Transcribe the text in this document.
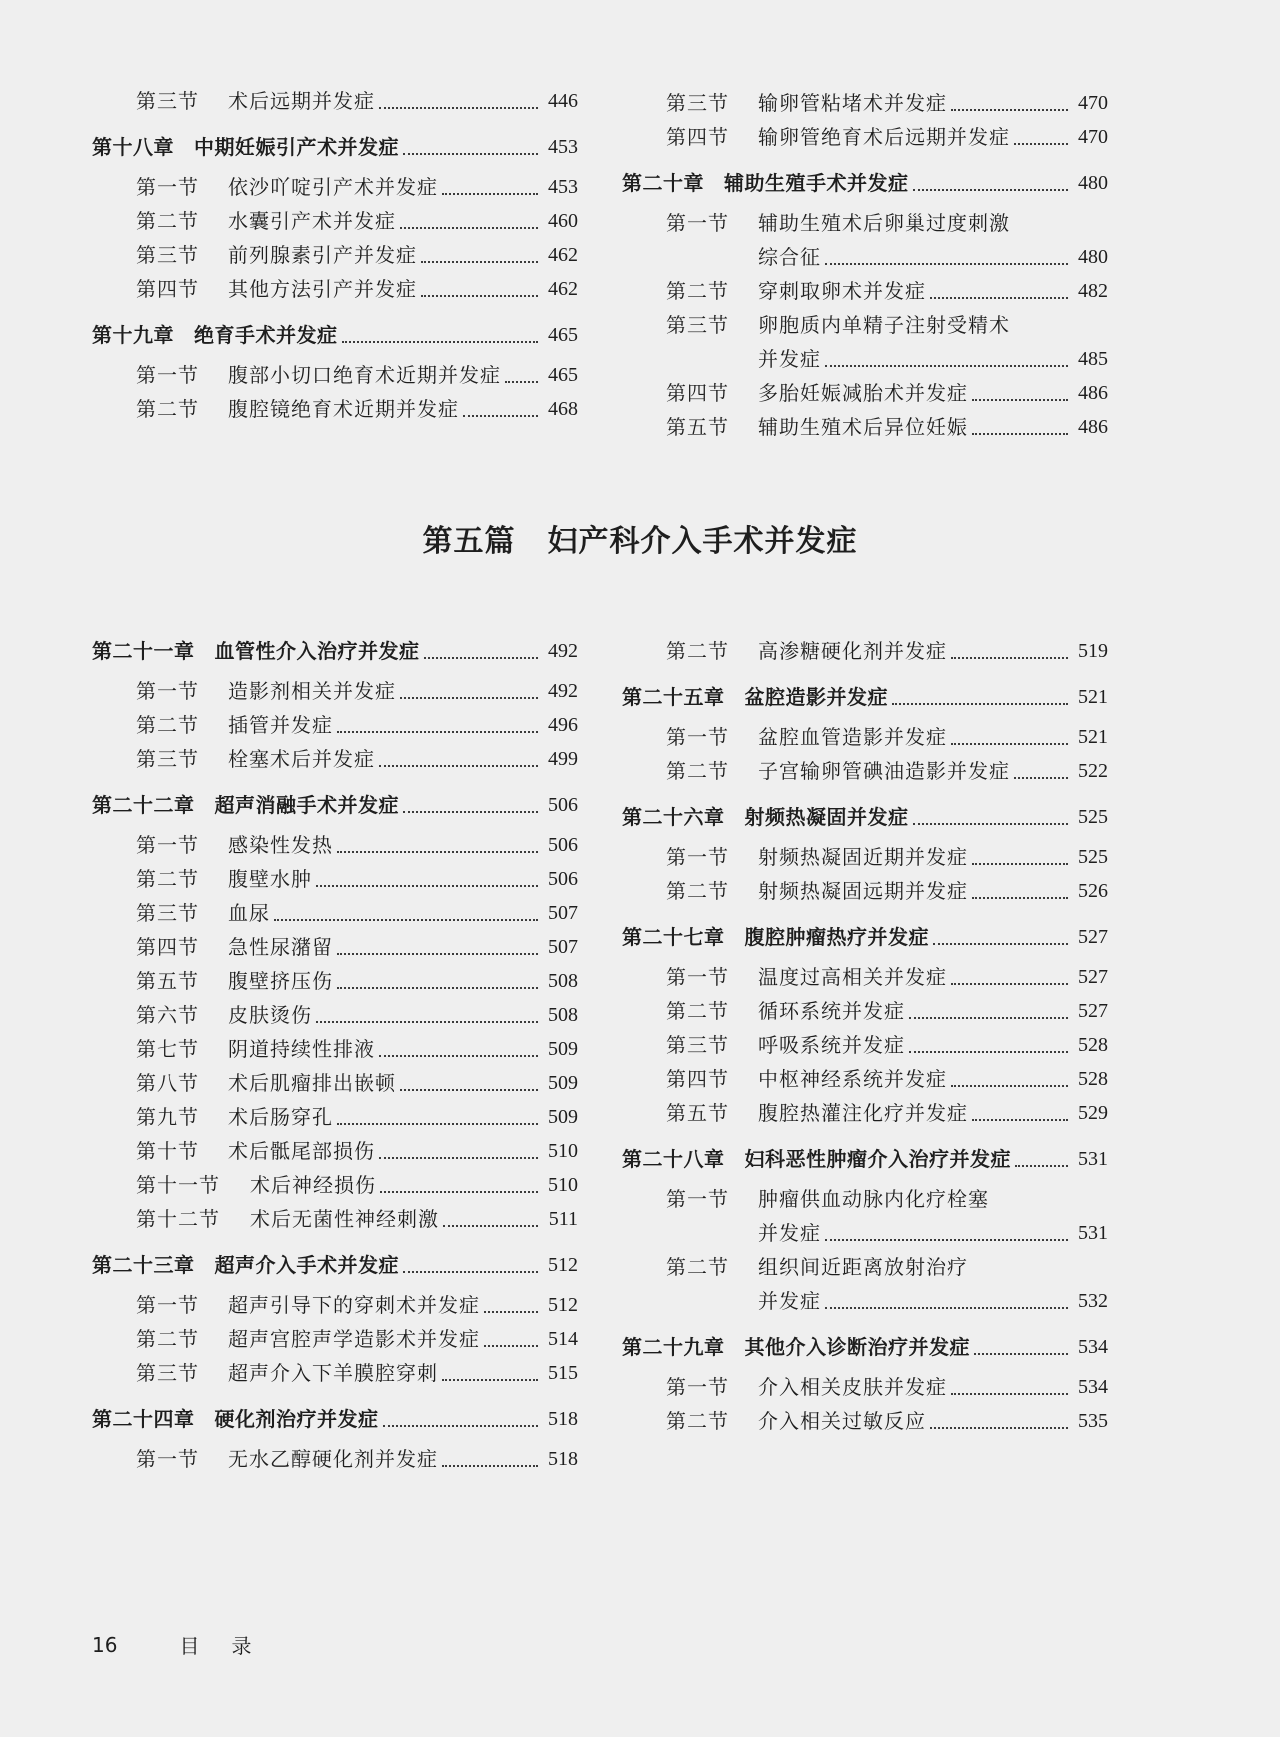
第三节	术后远期并发症	446
第十八章 中期妊娠引产术并发症	453
第一节	依沙吖啶引产术并发症	453
第二节	水囊引产术并发症	460
第三节	前列腺素引产并发症	462
第四节	其他方法引产并发症	462
第十九章 绝育手术并发症	465
第一节	腹部小切口绝育术近期并发症 465
第二节	腹腔镜绝育术近期并发症	468
第三节	输卵管粘堵术并发症	470
第四节	输卵管绝育术后远期并发症	470
第二十章 辅助生殖手术并发症	480
第一节	辅助生殖术后卵巢过度刺激
综合征	480
第二节	穿刺取卵术并发症	482
第三节	卵胞质内单精子注射受精术
并发症	485
第四节	多胎妊娠减胎术并发症	486
第五节	辅助生殖术后异位妊娠	486
第五篇 妇产科介入手术并发症
第二十一章 血管性介入治疗并发症	492
第一节	造影剂相关并发症	492
第二节	插管并发症	496
第三节	栓塞术后并发症	499
第二十二章 超声消融手术并发症	506
第一节	感染性发热	506
第二节	腹壁水肿	506
第三节	血尿	507
第四节	急性尿潴留	507
第五节	腹壁挤压伤	508
第六节	皮肤烫伤	508
第七节	阴道持续性排液	509
第八节	术后肌瘤排出嵌顿	509
第九节	术后肠穿孔	509
第十节	术后骶尾部损伤	510
第十一节	术后神经损伤	510
第十二节	术后无菌性神经刺激	511
第二十三章 超声介入手术并发症	512
第一节	超声引导下的穿刺术并发症	512
第二节	超声宫腔声学造影术并发症	514
第三节	超声介入下羊膜腔穿刺	515
第二十四章 硬化剂治疗并发症	518
第一节	无水乙醇硬化剂并发症	518
第二节	高渗糖硬化剂并发症	519
第二十五章 盆腔造影并发症	521
第一节	盆腔血管造影并发症	521
第二节	子宫输卵管碘油造影并发症	522
第二十六章 射频热凝固并发症	525
第一节	射频热凝固近期并发症	525
第二节	射频热凝固远期并发症	526
第二十七章 腹腔肿瘤热疗并发症	527
第一节	温度过高相关并发症	527
第二节	循环系统并发症	527
第三节	呼吸系统并发症	528
第四节	中枢神经系统并发症	528
第五节	腹腔热灌注化疗并发症	529
第二十八章 妇科恶性肿瘤介入治疗并发症	531
第一节	肿瘤供血动脉内化疗栓塞
并发症	531
第二节	组织间近距离放射治疗
并发症	532
第二十九章 其他介入诊断治疗并发症	534
第一节	介入相关皮肤并发症	534
第二节	介入相关过敏反应	535
16	目录
